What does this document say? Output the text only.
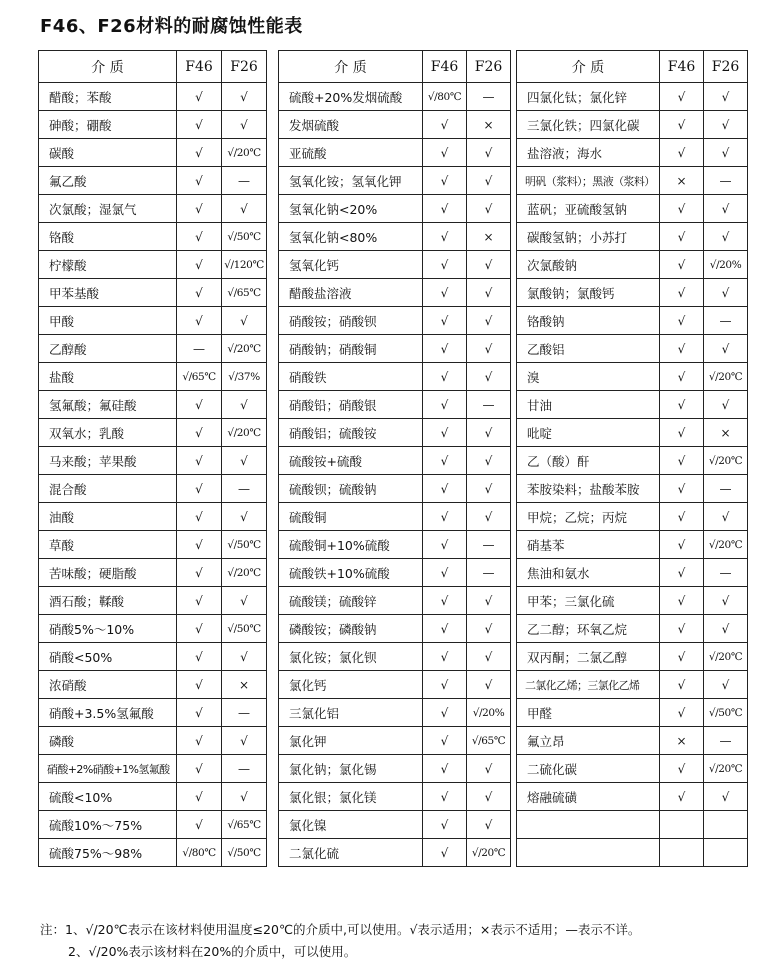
F46、F26材料的耐腐蚀性能表
介 质	F46	F26
醋酸；苯酸	√	√
砷酸；硼酸	√	√
碳酸	√	√/20℃
氟乙酸	√	—
次氯酸；湿氯气	√	√
铬酸	√	√/50℃
柠檬酸	√	√/120℃
甲苯基酸	√	√/65℃
甲酸	√	√
乙醇酸	—	√/20℃
盐酸	√/65℃	√/37%
氢氟酸；氟硅酸	√	√
双氧水；乳酸	√	√/20℃
马来酸；苹果酸	√	√
混合酸	√	—
油酸	√	√
草酸	√	√/50℃
苦味酸；硬脂酸	√	√/20℃
酒石酸；鞣酸	√	√
硝酸5%～10%	√	√/50℃
硝酸<50%	√	√
浓硝酸	√	×
硝酸+3.5%氢氟酸	√	—
磷酸	√	√
硝酸+2%硝酸+1%氢氟酸	√	—
硫酸<10%	√	√
硫酸10%～75%	√	√/65℃
硫酸75%～98%	√/80℃	√/50℃
介 质	F46	F26
硫酸+20%发烟硫酸	√/80℃	—
发烟硫酸	√	×
亚硫酸	√	√
氢氧化铵；氢氧化钾	√	√
氢氧化钠<20%	√	√
氢氧化钠<80%	√	×
氢氧化钙	√	√
醋酸盐溶液	√	√
硝酸铵；硝酸钡	√	√
硝酸钠；硝酸铜	√	√
硝酸铁	√	√
硝酸铅；硝酸银	√	—
硝酸铝；硫酸铵	√	√
硫酸铵+硫酸	√	√
硫酸钡；硫酸钠	√	√
硫酸铜	√	√
硫酸铜+10%硫酸	√	—
硫酸铁+10%硫酸	√	—
硫酸镁；硫酸锌	√	√
磷酸铵；磷酸钠	√	√
氯化铵；氯化钡	√	√
氯化钙	√	√
三氯化铝	√	√/20%
氯化钾	√	√/65℃
氯化钠；氯化锡	√	√
氯化银；氯化镁	√	√
氯化镍	√	√
二氯化硫	√	√/20℃
介 质	F46	F26
四氯化钛；氯化锌	√	√
三氯化铁；四氯化碳	√	√
盐溶液；海水	√	√
明矾（浆料）；黑液（浆料）	×	—
蓝矾；亚硫酸氢钠	√	√
碳酸氢钠；小苏打	√	√
次氯酸钠	√	√/20%
氯酸钠；氯酸钙	√	√
铬酸钠	√	—
乙酸铝	√	√
溴	√	√/20℃
甘油	√	√
吡啶	√	×
乙（酸）酐	√	√/20℃
苯胺染料；盐酸苯胺	√	—
甲烷；乙烷；丙烷	√	√
硝基苯	√	√/20℃
焦油和氨水	√	—
甲苯；三氯化硫	√	√
乙二醇；环氧乙烷	√	√
双丙酮；二氯乙醇	√	√/20℃
二氯化乙烯；三氯化乙烯	√	√
甲醛	√	√/50℃
氟立昂	×	—
二硫化碳	√	√/20℃
熔融硫磺	√	√

注：1、√/20℃表示在该材料使用温度≤20℃的介质中,可以使用。√表示适用；×表示不适用；—表示不详。
2、√/20%表示该材料在20%的介质中，可以使用。
